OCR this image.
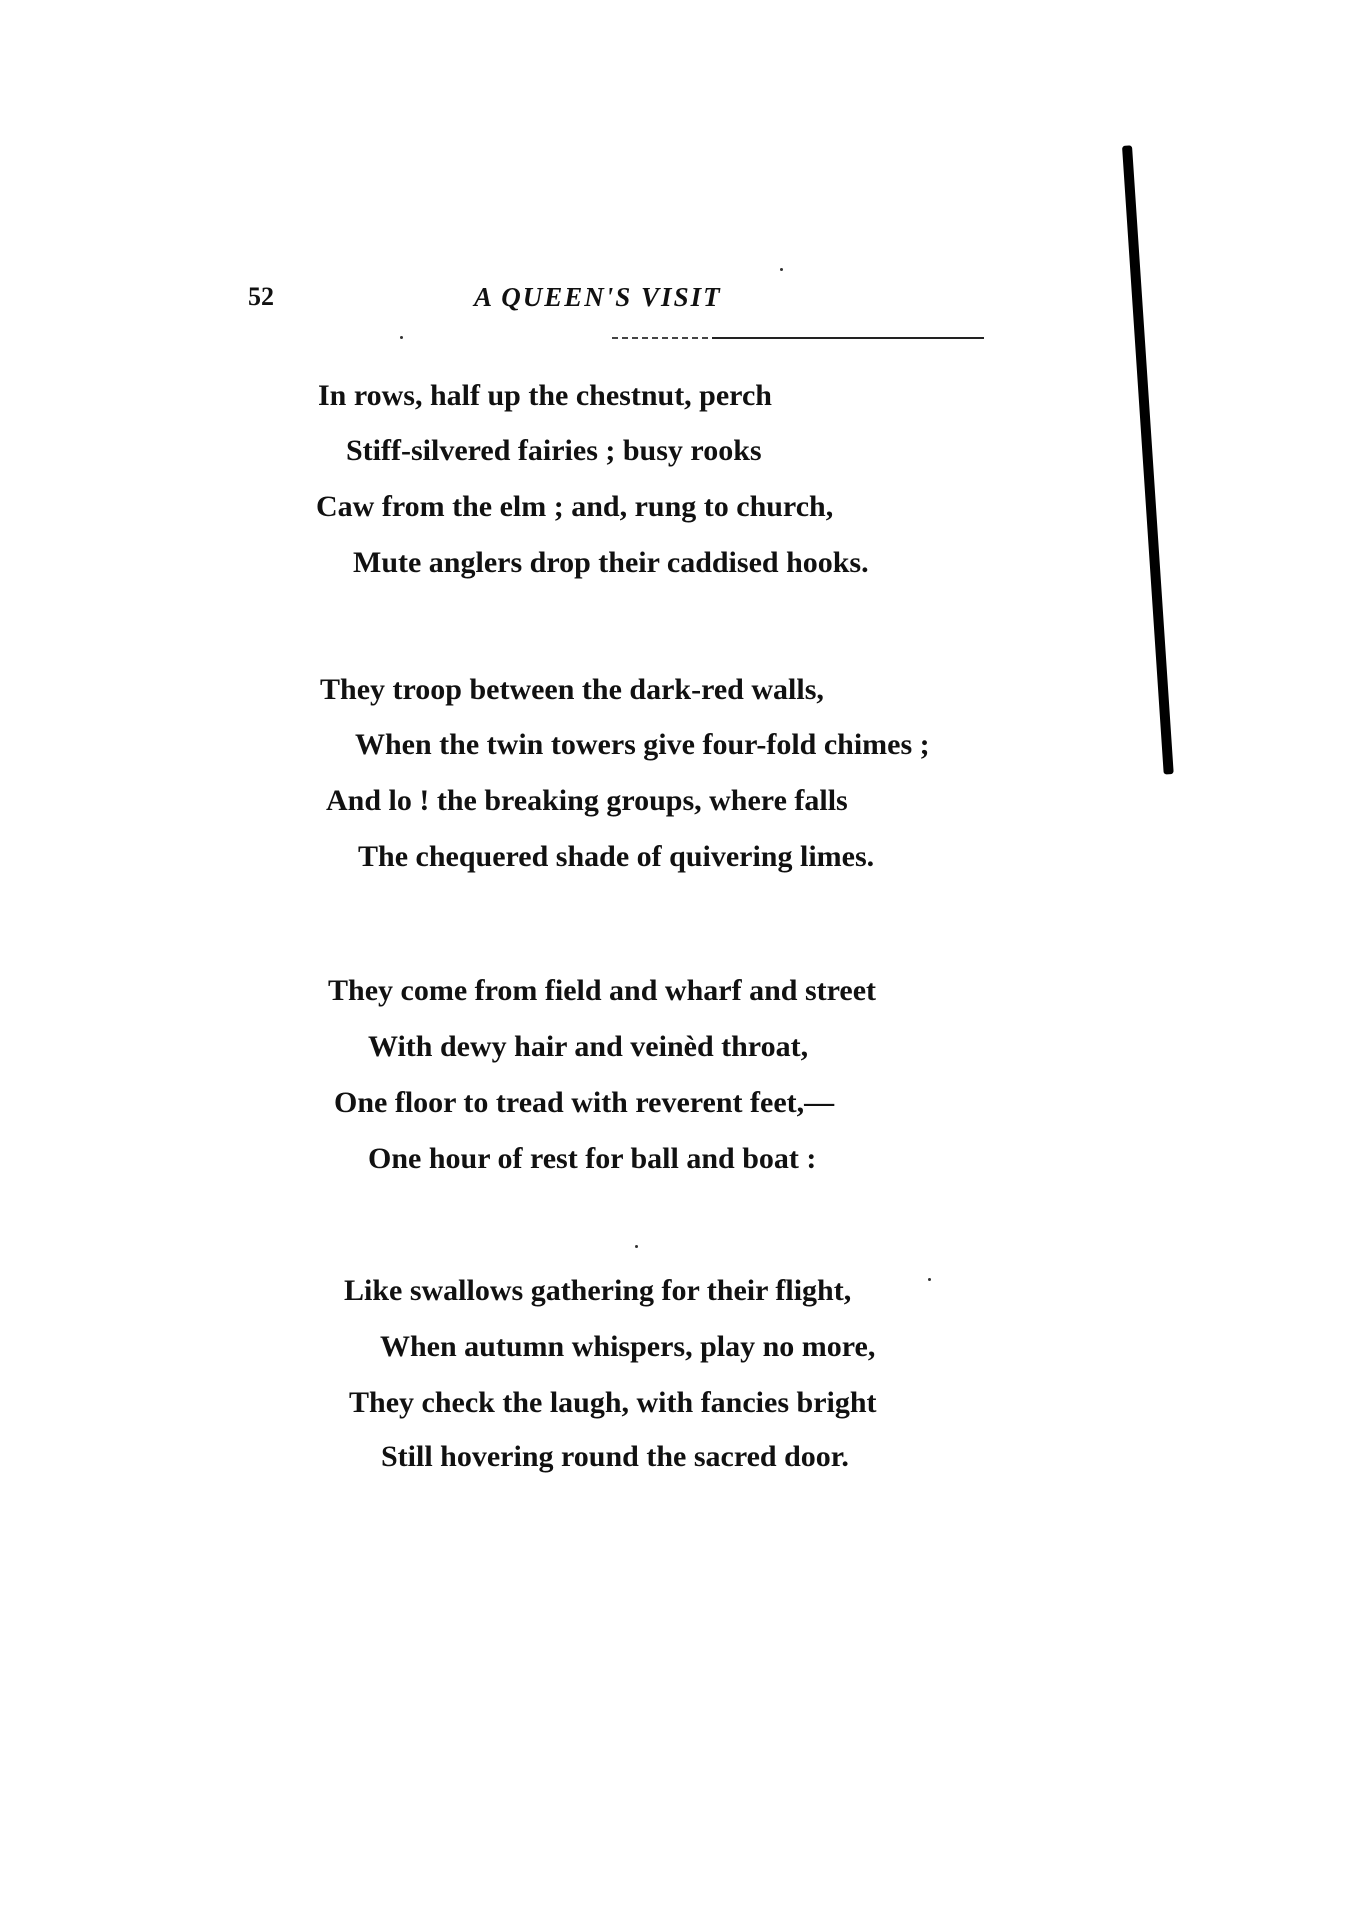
52	A QUEEN'S VISIT
In rows, half up the chestnut, perch
Stiff-silvered fairies ; busy rooks
Caw from the elm ; and, rung to church,
Mute anglers drop their caddised hooks.
They troop between the dark-red walls,
When the twin towers give four-fold chimes ;
And lo ! the breaking groups, where falls
The chequered shade of quivering limes.
They come from field and wharf and street
With dewy hair and veinèd throat,
One floor to tread with reverent feet,—
One hour of rest for ball and boat :
Like swallows gathering for their flight,
When autumn whispers, play no more,
They check the laugh, with fancies bright
Still hovering round the sacred door.
